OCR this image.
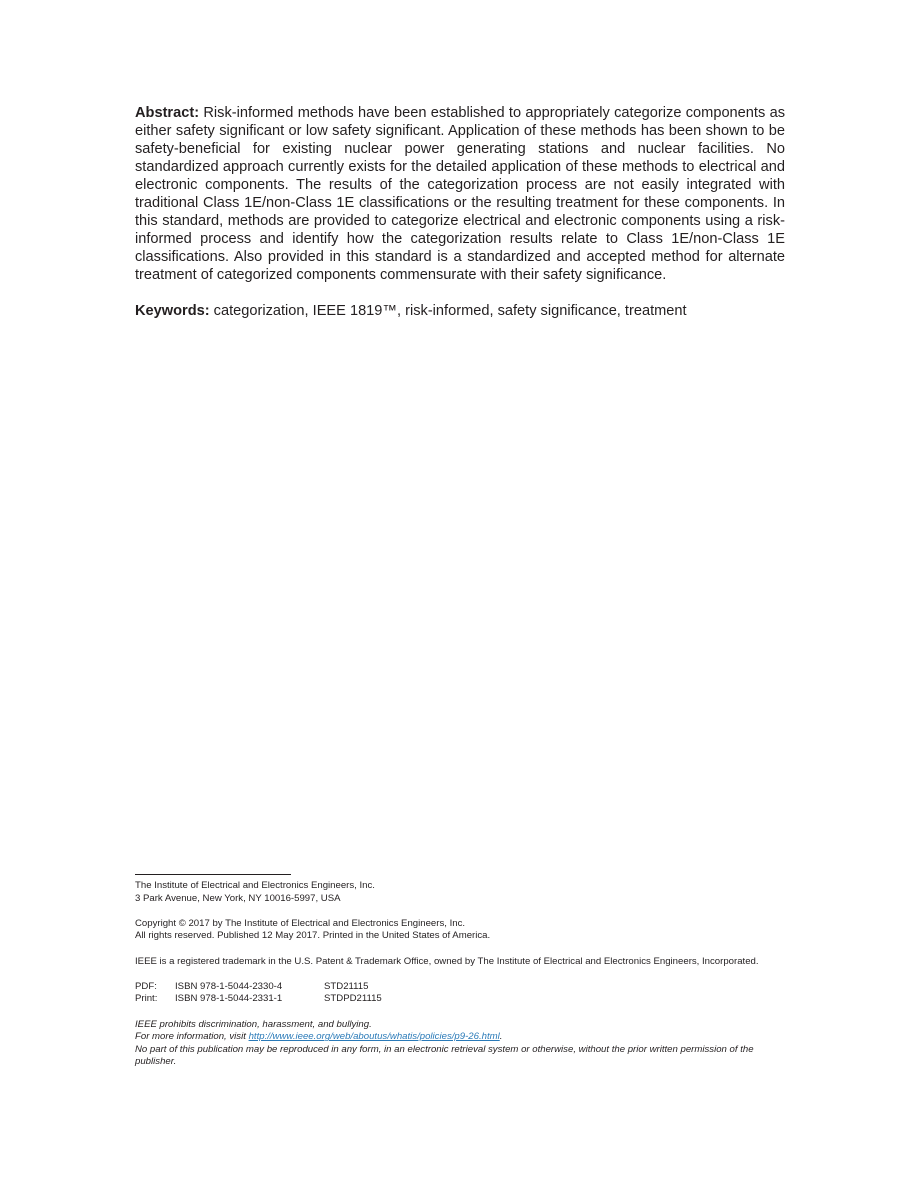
Abstract: Risk-informed methods have been established to appropriately categorize components as either safety significant or low safety significant. Application of these methods has been shown to be safety-beneficial for existing nuclear power generating stations and nuclear facilities. No standardized approach currently exists for the detailed application of these methods to electrical and electronic components. The results of the categorization process are not easily integrated with traditional Class 1E/non-Class 1E classifications or the resulting treatment for these components. In this standard, methods are provided to categorize electrical and electronic components using a risk-informed process and identify how the categorization results relate to Class 1E/non-Class 1E classifications. Also provided in this standard is a standardized and accepted method for alternate treatment of categorized components commensurate with their safety significance.

Keywords: categorization, IEEE 1819™, risk-informed, safety significance, treatment

The Institute of Electrical and Electronics Engineers, Inc.

3 Park Avenue, New York, NY 10016-5997, USA

Copyright © 2017 by The Institute of Electrical and Electronics Engineers, Inc.

All rights reserved. Published 12 May 2017. Printed in the United States of America.

IEEE is a registered trademark in the U.S. Patent & Trademark Office, owned by The Institute of Electrical and Electronics Engineers, Incorporated.

PDF:	ISBN 978-1-5044-2330-4	STD21115
Print:	ISBN 978-1-5044-2331-1	STDPD21115

IEEE prohibits discrimination, harassment, and bullying.

For more information, visit http://www.ieee.org/web/aboutus/whatis/policies/p9-26.html.

No part of this publication may be reproduced in any form, in an electronic retrieval system or otherwise, without the prior written permission of the publisher.
